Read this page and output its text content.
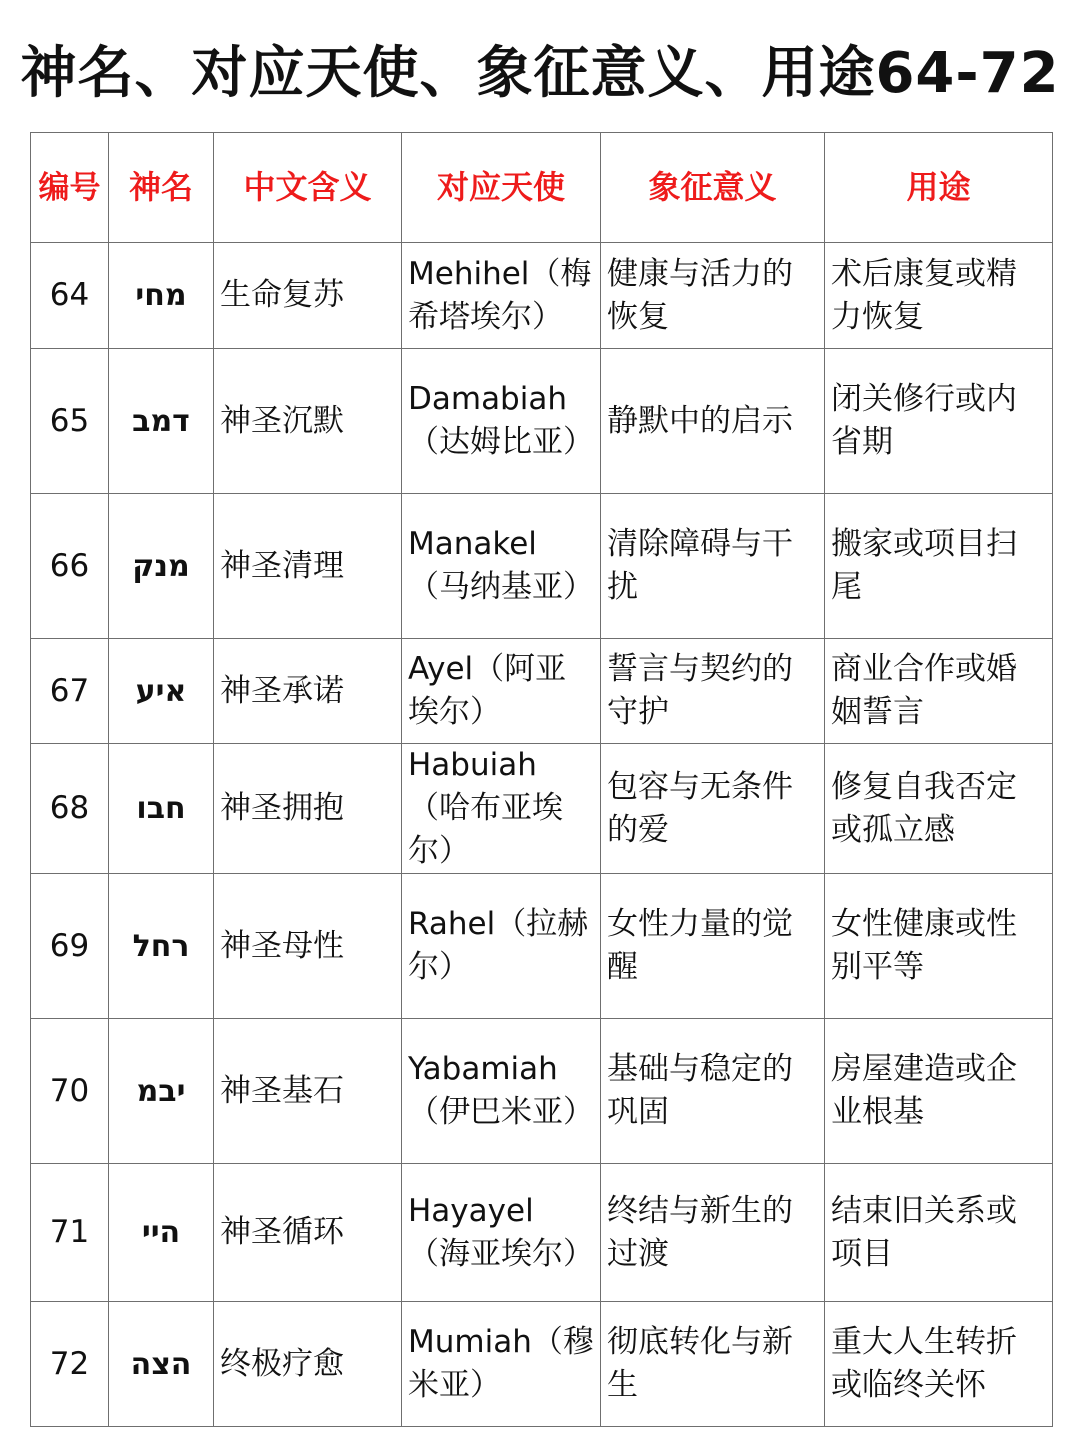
神名、对应天使、象征意义、用途64-72
编号	神名	中文含义	对应天使	象征意义	用途
64	מחי	生命复苏	Mehihel（梅希塔埃尔）	健康与活力的恢复	术后康复或精力恢复
65	דמב	神圣沉默	Damabiah（达姆比亚）	静默中的启示	闭关修行或内省期
66	מנק	神圣清理	Manakel（马纳基亚）	清除障碍与干扰	搬家或项目扫尾
67	איע	神圣承诺	Ayel（阿亚埃尔）	誓言与契约的守护	商业合作或婚姻誓言
68	חבו	神圣拥抱	Habuiah（哈布亚埃尔）	包容与无条件的爱	修复自我否定或孤立感
69	רחל	神圣母性	Rahel（拉赫尔）	女性力量的觉醒	女性健康或性别平等
70	יבמ	神圣基石	Yabamiah（伊巴米亚）	基础与稳定的巩固	房屋建造或企业根基
71	היי	神圣循环	Hayayel（海亚埃尔）	终结与新生的过渡	结束旧关系或项目
72	הצה	终极疗愈	Mumiah（穆米亚）	彻底转化与新生	重大人生转折或临终关怀
